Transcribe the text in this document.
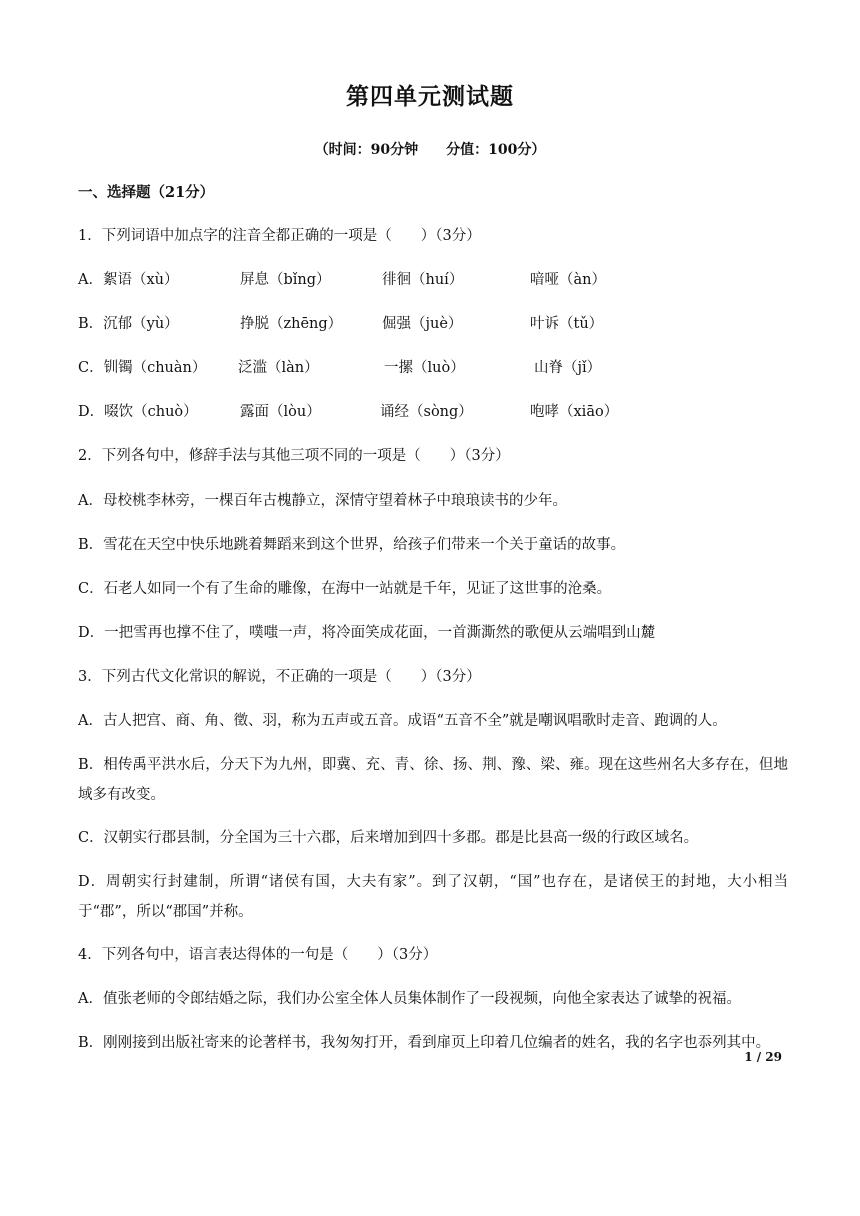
第四单元测试题
（时间：90分钟 分值：100分）
一、选择题（21分）
1．下列词语中加点字的注音全都正确的一项是（　　）（3分）
A．絮语（xù）	屏息（bǐng）	徘徊（huí）	喑哑（àn）
B．沉郁（yù）	挣脱（zhēng）	倔强（juè）	叶诉（tǔ）
C．钏镯（chuàn） 泛滥（làn）	一摞（luò）	山脊（jǐ）
D．啜饮（chuò）	露面（lòu）	诵经（sòng）	咆哮（xiāo）
2．下列各句中，修辞手法与其他三项不同的一项是（　　）（3分）
A．母校桃李林旁，一棵百年古槐静立，深情守望着林子中琅琅读书的少年。
B．雪花在天空中快乐地跳着舞蹈来到这个世界，给孩子们带来一个关于童话的故事。
C．石老人如同一个有了生命的雕像，在海中一站就是千年，见证了这世事的沧桑。
D．一把雪再也撑不住了，噗嗤一声，将冷面笑成花面，一首澌澌然的歌便从云端唱到山麓
3．下列古代文化常识的解说，不正确的一项是（　　）（3分）
A．古人把宫、商、角、徵、羽，称为五声或五音。成语“五音不全”就是嘲讽唱歌时走音、跑调的人。
B．相传禹平洪水后，分天下为九州，即冀、充、青、徐、扬、荆、豫、梁、雍。现在这些州名大多存在，但地域多有改变。
C．汉朝实行郡县制，分全国为三十六郡，后来增加到四十多郡。郡是比县高一级的行政区域名。
D．周朝实行封建制，所谓“诸侯有国，大夫有家”。到了汉朝，“国”也存在，是诸侯王的封地，大小相当于“郡”，所以“郡国”并称。
4．下列各句中，语言表达得体的一句是（　　）（3分）
A．值张老师的令郎结婚之际，我们办公室全体人员集体制作了一段视频，向他全家表达了诚挚的祝福。
B．刚刚接到出版社寄来的论著样书，我匆匆打开，看到扉页上印着几位编者的姓名，我的名字也忝列其中。
1 / 29
